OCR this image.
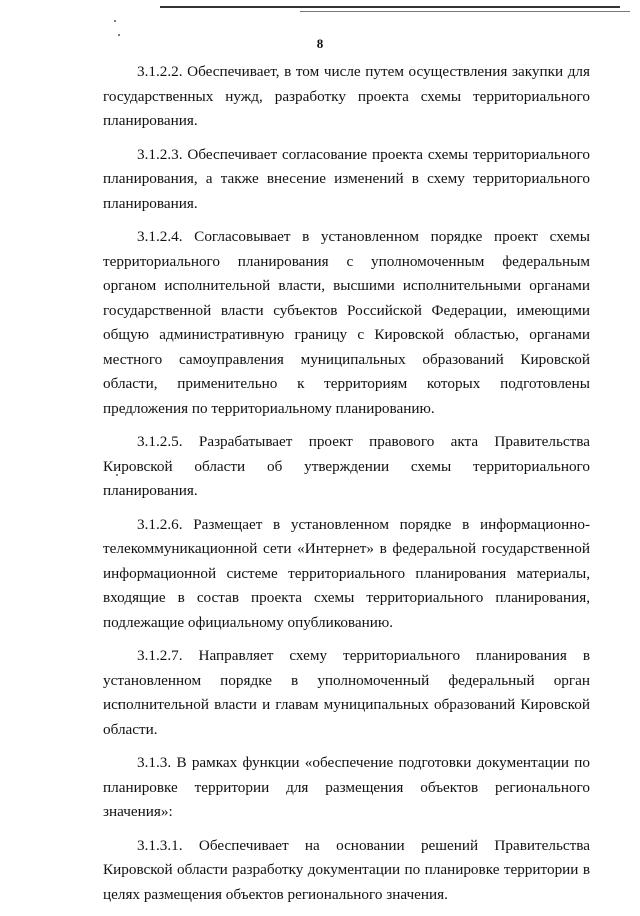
8

3.1.2.2. Обеспечивает, в том числе путем осуществления закупки для государственных нужд, разработку проекта схемы территориального планирования.

3.1.2.3. Обеспечивает согласование проекта схемы территориального планирования, а также внесение изменений в схему территориального планирования.

3.1.2.4. Согласовывает в установленном порядке проект схемы территориального планирования с уполномоченным федеральным органом исполнительной власти, высшими исполнительными органами государственной власти субъектов Российской Федерации, имеющими общую административную границу с Кировской областью, органами местного самоуправления муниципальных образований Кировской области, применительно к территориям которых подготовлены предложения по территориальному планированию.

3.1.2.5. Разрабатывает проект правового акта Правительства Кировской области об утверждении схемы территориального планирования.

3.1.2.6. Размещает в установленном порядке в информационно-телекоммуникационной сети «Интернет» в федеральной государственной информационной системе территориального планирования материалы, входящие в состав проекта схемы территориального планирования, подлежащие официальному опубликованию.

3.1.2.7. Направляет схему территориального планирования в установленном порядке в уполномоченный федеральный орган исполнительной власти и главам муниципальных образований Кировской области.

3.1.3. В рамках функции «обеспечение подготовки документации по планировке территории для размещения объектов регионального значения»:

3.1.3.1. Обеспечивает на основании решений Правительства Кировской области разработку документации по планировке территории в целях размещения объектов регионального значения.
